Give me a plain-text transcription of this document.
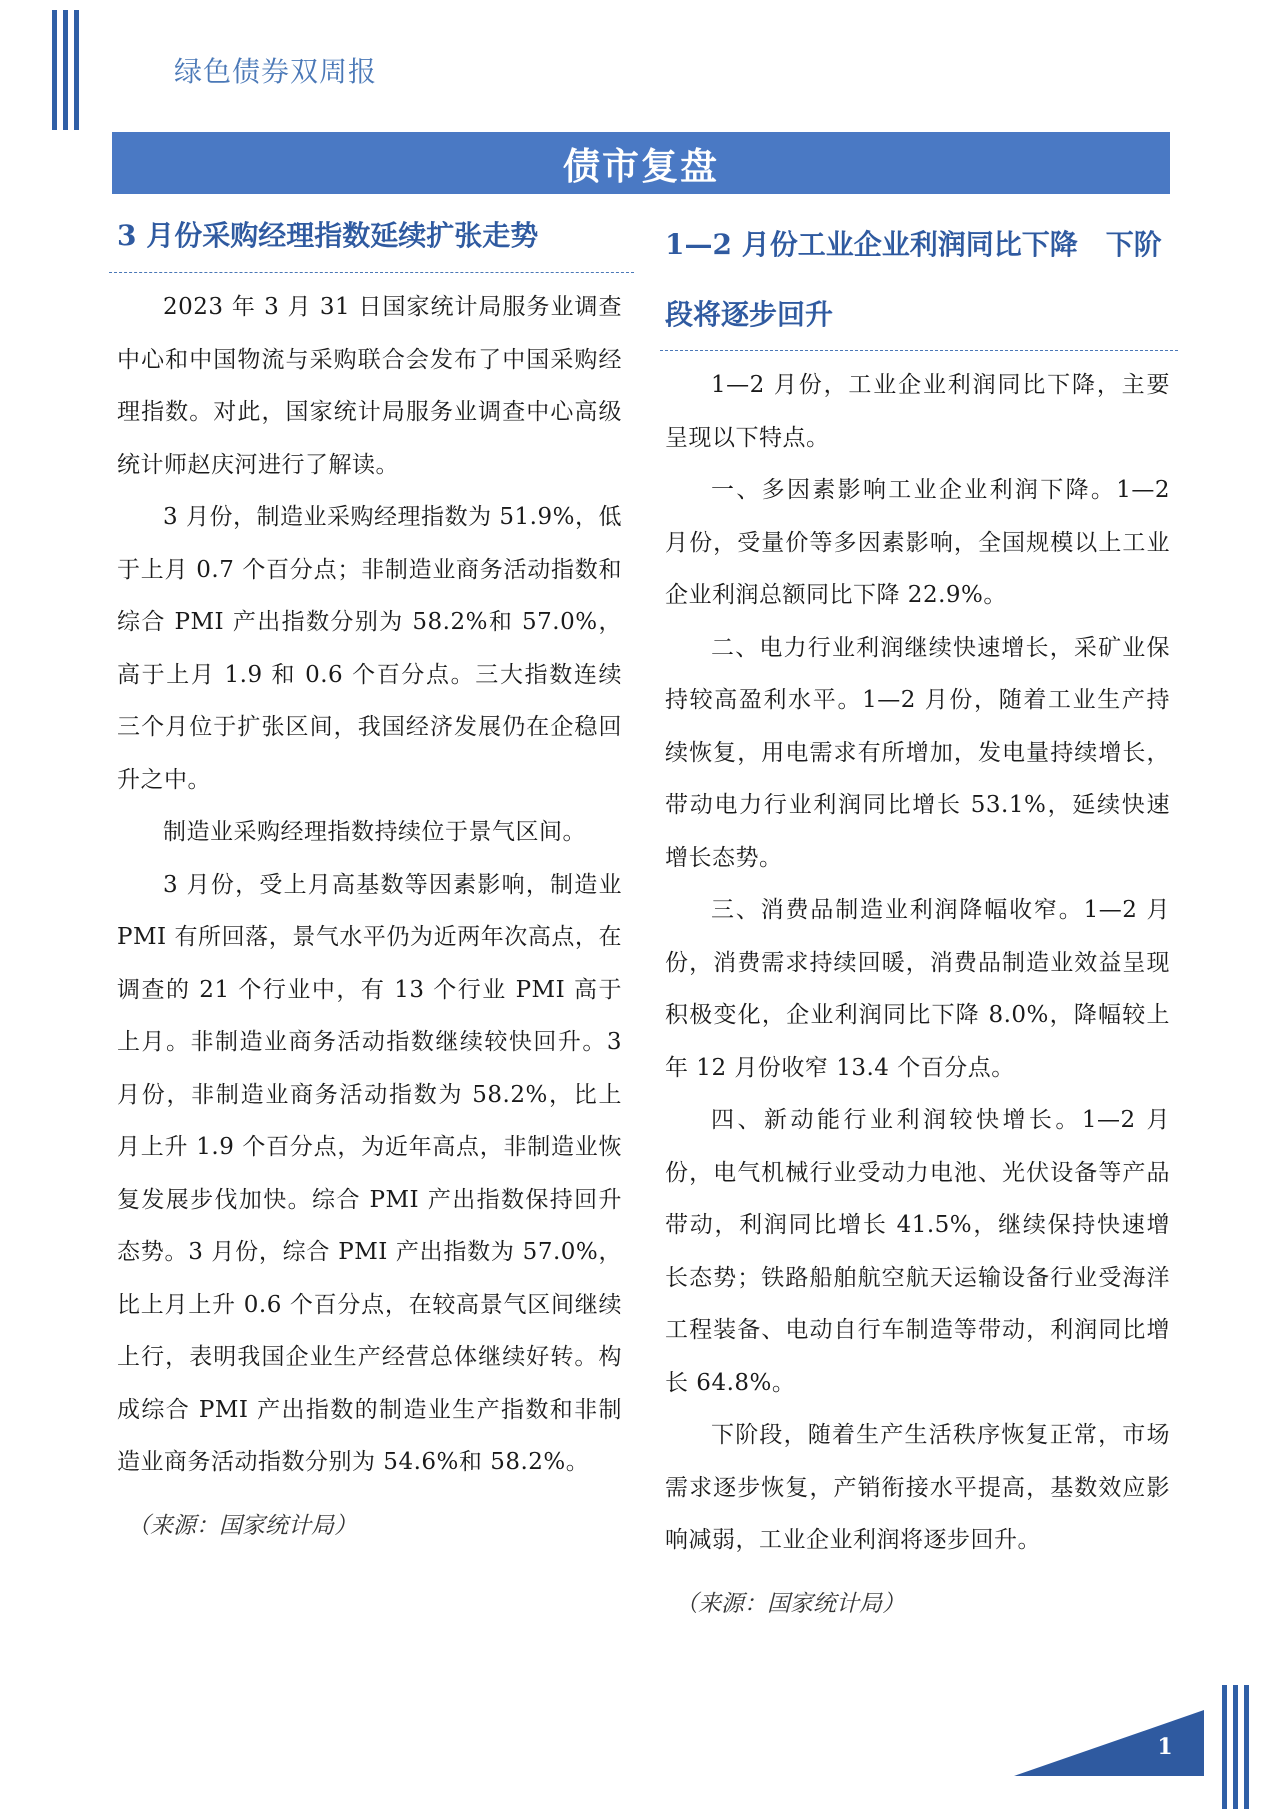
绿色债券双周报
债市复盘
3 月份采购经理指数延续扩张走势

2023 年 3 月 31 日国家统计局服务业调查中心和中国物流与采购联合会发布了中国采购经理指数。对此，国家统计局服务业调查中心高级统计师赵庆河进行了解读。

3 月份，制造业采购经理指数为 51.9%，低于上月 0.7 个百分点；非制造业商务活动指数和综合 PMI 产出指数分别为 58.2%和 57.0%，高于上月 1.9 和 0.6 个百分点。三大指数连续三个月位于扩张区间，我国经济发展仍在企稳回升之中。

制造业采购经理指数持续位于景气区间。

3 月份，受上月高基数等因素影响，制造业 PMI 有所回落，景气水平仍为近两年次高点，在调查的 21 个行业中，有 13 个行业 PMI 高于上月。非制造业商务活动指数继续较快回升。3 月份，非制造业商务活动指数为 58.2%，比上月上升 1.9 个百分点，为近年高点，非制造业恢复发展步伐加快。综合 PMI 产出指数保持回升态势。3 月份，综合 PMI 产出指数为 57.0%，比上月上升 0.6 个百分点，在较高景气区间继续上行，表明我国企业生产经营总体继续好转。构成综合 PMI 产出指数的制造业生产指数和非制造业商务活动指数分别为 54.6%和 58.2%。

（来源：国家统计局）
1—2 月份工业企业利润同比下降　下阶段将逐步回升

1—2 月份，工业企业利润同比下降，主要呈现以下特点。

一、多因素影响工业企业利润下降。1—2 月份，受量价等多因素影响，全国规模以上工业企业利润总额同比下降 22.9%。

二、电力行业利润继续快速增长，采矿业保持较高盈利水平。1—2 月份，随着工业生产持续恢复，用电需求有所增加，发电量持续增长，带动电力行业利润同比增长 53.1%，延续快速增长态势。

三、消费品制造业利润降幅收窄。1—2 月份，消费需求持续回暖，消费品制造业效益呈现积极变化，企业利润同比下降 8.0%，降幅较上年 12 月份收窄 13.4 个百分点。

四、新动能行业利润较快增长。1—2 月份，电气机械行业受动力电池、光伏设备等产品带动，利润同比增长 41.5%，继续保持快速增长态势；铁路船舶航空航天运输设备行业受海洋工程装备、电动自行车制造等带动，利润同比增长 64.8%。

下阶段，随着生产生活秩序恢复正常，市场需求逐步恢复，产销衔接水平提高，基数效应影响减弱，工业企业利润将逐步回升。

（来源：国家统计局）
1
